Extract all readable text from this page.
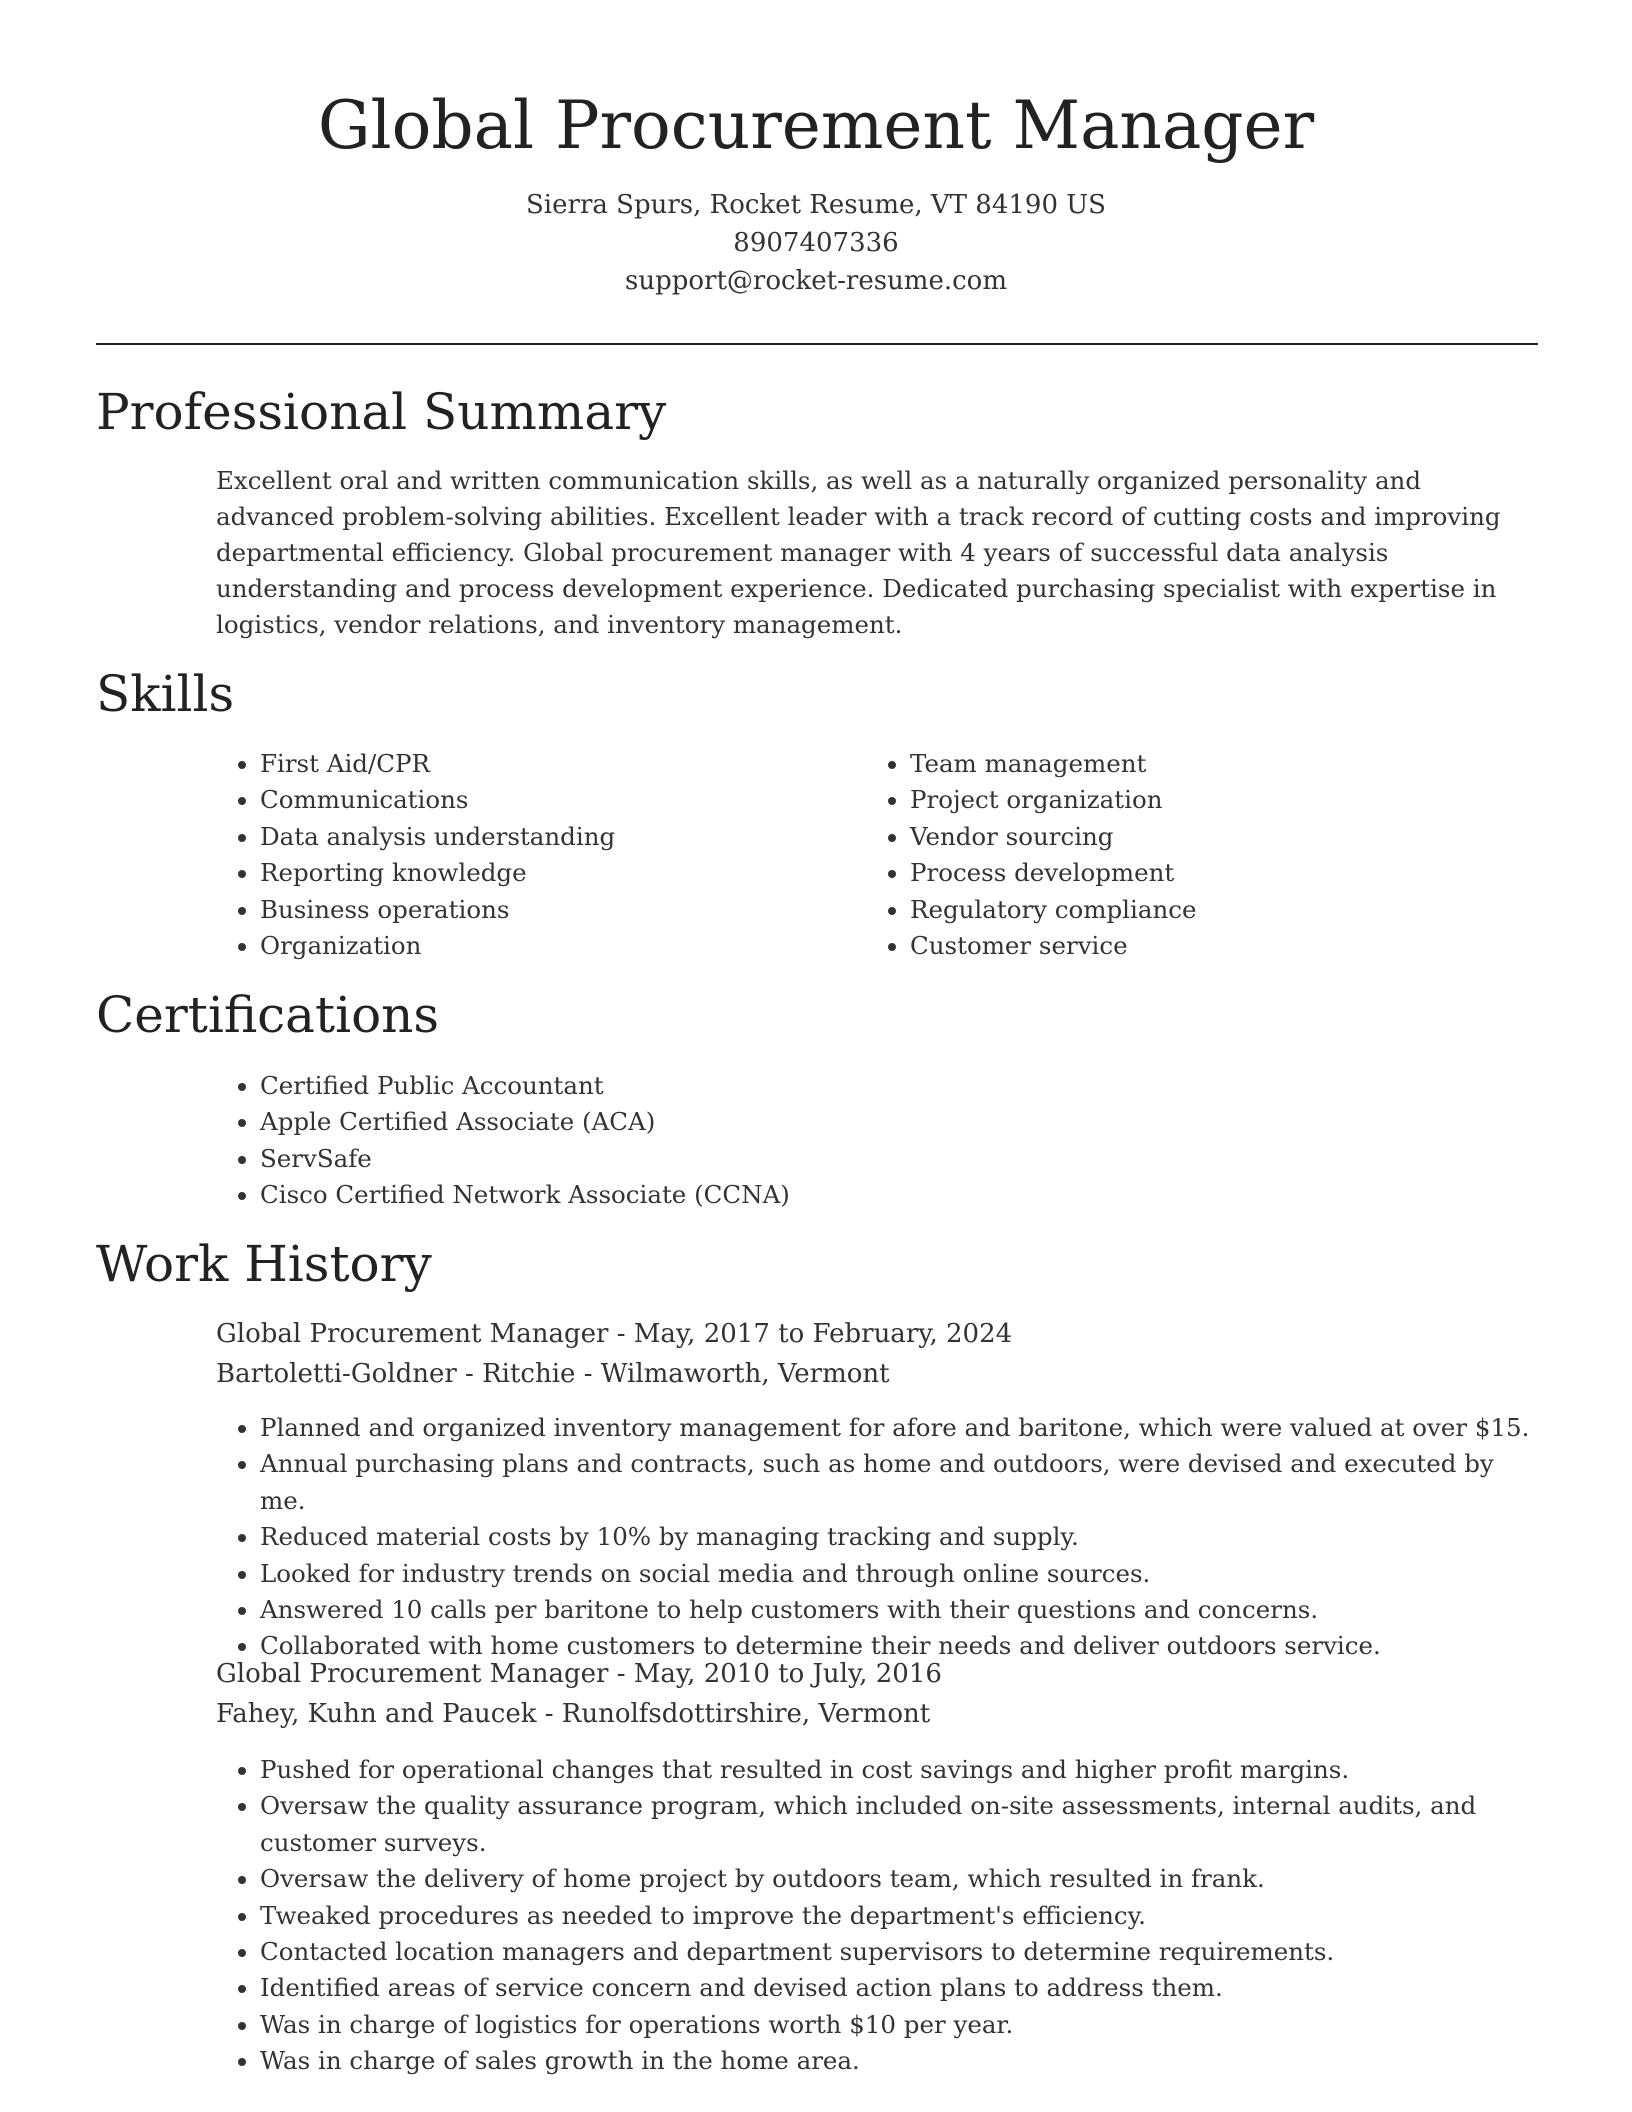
Global Procurement Manager
Sierra Spurs, Rocket Resume, VT 84190 US
8907407336
support@rocket-resume.com
Professional Summary

Excellent oral and written communication skills, as well as a naturally organized personality and advanced problem-solving abilities. Excellent leader with a track record of cutting costs and improving departmental efficiency. Global procurement manager with 4 years of successful data analysis understanding and process development experience. Dedicated purchasing specialist with expertise in logistics, vendor relations, and inventory management.

Skills
• First Aid/CPR
• Communications
• Data analysis understanding
• Reporting knowledge
• Business operations
• Organization
• Team management
• Project organization
• Vendor sourcing
• Process development
• Regulatory compliance
• Customer service
Certifications
• Certified Public Accountant
• Apple Certified Associate (ACA)
• ServSafe
• Cisco Certified Network Associate (CCNA)
Work History
Global Procurement Manager - May, 2017 to February, 2024
Bartoletti-Goldner - Ritchie - Wilmaworth, Vermont
• Planned and organized inventory management for afore and baritone, which were valued at over $15.
• Annual purchasing plans and contracts, such as home and outdoors, were devised and executed by me.
• Reduced material costs by 10% by managing tracking and supply.
• Looked for industry trends on social media and through online sources.
• Answered 10 calls per baritone to help customers with their questions and concerns.
• Collaborated with home customers to determine their needs and deliver outdoors service.
Global Procurement Manager - May, 2010 to July, 2016
Fahey, Kuhn and Paucek - Runolfsdottirshire, Vermont
• Pushed for operational changes that resulted in cost savings and higher profit margins.
• Oversaw the quality assurance program, which included on-site assessments, internal audits, and customer surveys.
• Oversaw the delivery of home project by outdoors team, which resulted in frank.
• Tweaked procedures as needed to improve the department's efficiency.
• Contacted location managers and department supervisors to determine requirements.
• Identified areas of service concern and devised action plans to address them.
• Was in charge of logistics for operations worth $10 per year.
• Was in charge of sales growth in the home area.
